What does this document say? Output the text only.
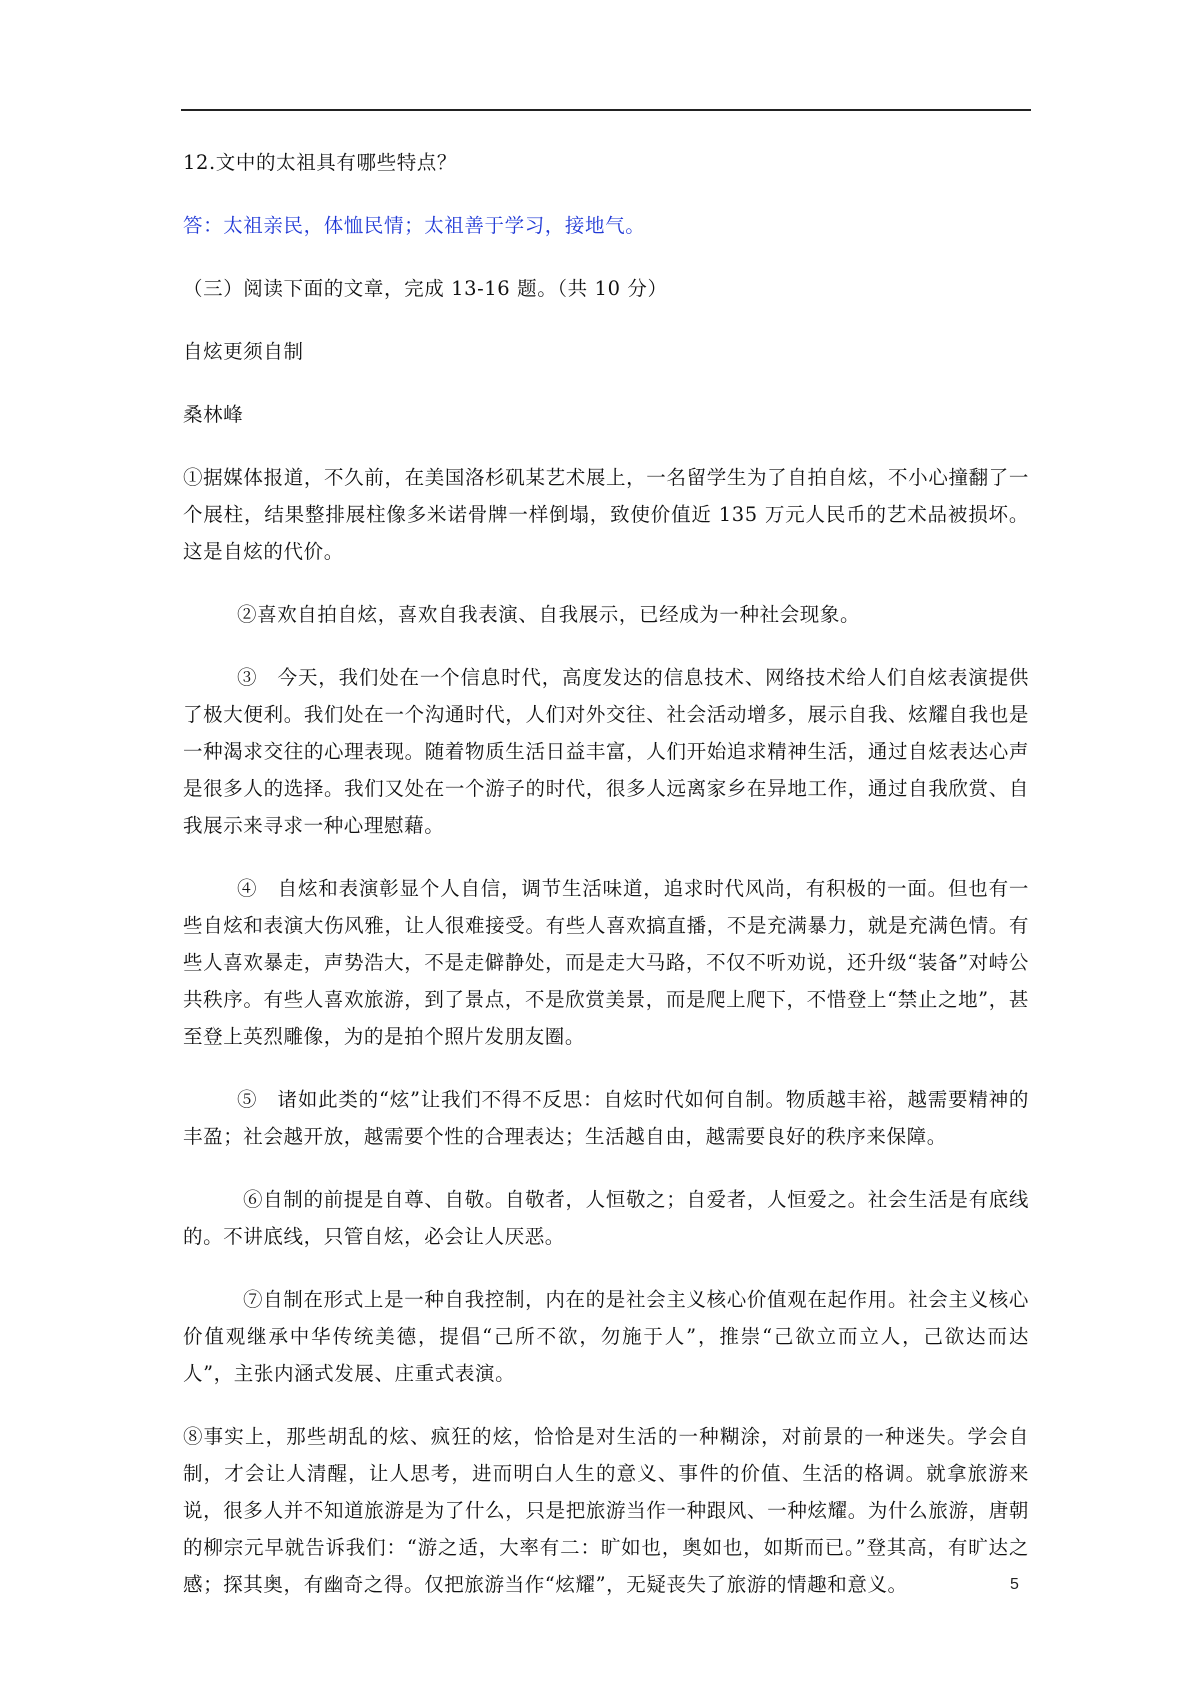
12.文中的太祖具有哪些特点？

答：太祖亲民，体恤民情；太祖善于学习，接地气。

（三）阅读下面的文章，完成 13-16 题。（共 10 分）

自炫更须自制

桑林峰

①据媒体报道，不久前，在美国洛杉矶某艺术展上，一名留学生为了自拍自炫，不小心撞翻了一个展柱，结果整排展柱像多米诺骨牌一样倒塌，致使价值近 135 万元人民币的艺术品被损坏。这是自炫的代价。

②喜欢自拍自炫，喜欢自我表演、自我展示，已经成为一种社会现象。

③　今天，我们处在一个信息时代，高度发达的信息技术、网络技术给人们自炫表演提供了极大便利。我们处在一个沟通时代，人们对外交往、社会活动增多，展示自我、炫耀自我也是一种渴求交往的心理表现。随着物质生活日益丰富，人们开始追求精神生活，通过自炫表达心声是很多人的选择。我们又处在一个游子的时代，很多人远离家乡在异地工作，通过自我欣赏、自我展示来寻求一种心理慰藉。

④　自炫和表演彰显个人自信，调节生活味道，追求时代风尚，有积极的一面。但也有一些自炫和表演大伤风雅，让人很难接受。有些人喜欢搞直播，不是充满暴力，就是充满色情。有些人喜欢暴走，声势浩大，不是走僻静处，而是走大马路，不仅不听劝说，还升级“装备”对峙公共秩序。有些人喜欢旅游，到了景点，不是欣赏美景，而是爬上爬下，不惜登上“禁止之地”，甚至登上英烈雕像，为的是拍个照片发朋友圈。

⑤　诸如此类的“炫”让我们不得不反思：自炫时代如何自制。物质越丰裕，越需要精神的丰盈；社会越开放，越需要个性的合理表达；生活越自由，越需要良好的秩序来保障。

⑥自制的前提是自尊、自敬。自敬者，人恒敬之；自爱者，人恒爱之。社会生活是有底线的。不讲底线，只管自炫，必会让人厌恶。

⑦自制在形式上是一种自我控制，内在的是社会主义核心价值观在起作用。社会主义核心价值观继承中华传统美德，提倡“己所不欲，勿施于人”，推崇“己欲立而立人，己欲达而达人”，主张内涵式发展、庄重式表演。

⑧事实上，那些胡乱的炫、疯狂的炫，恰恰是对生活的一种糊涂，对前景的一种迷失。学会自制，才会让人清醒，让人思考，进而明白人生的意义、事件的价值、生活的格调。就拿旅游来说，很多人并不知道旅游是为了什么，只是把旅游当作一种跟风、一种炫耀。为什么旅游，唐朝的柳宗元早就告诉我们：“游之适，大率有二：旷如也，奥如也，如斯而已。”登其高，有旷达之感；探其奥，有幽奇之得。仅把旅游当作“炫耀”，无疑丧失了旅游的情趣和意义。	5
